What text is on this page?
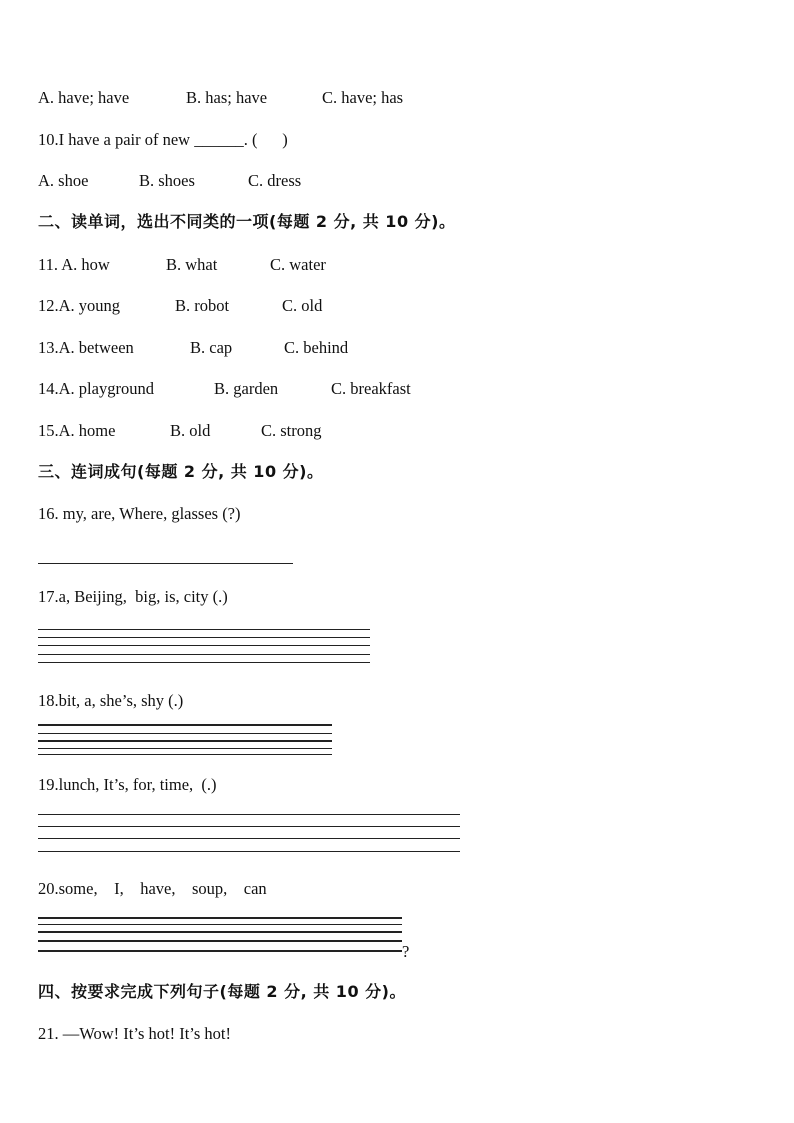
A. have; have	B. has; have	C. have; has
10.I have a pair of new ______. (      )
A. shoe	B. shoes	C. dress
二、读单词，选出不同类的一项(每题 2 分, 共 10 分)。
11. A. how	B. what	C. water
12.A. young	B. robot	C. old
13.A. between	B. cap	C. behind
14.A. playground	B. garden	C. breakfast
15.A. home	B. old	C. strong
三、连词成句(每题 2 分, 共 10 分)。
16. my, are, Where, glasses (?)
17.a, Beijing,  big, is, city (.)
18.bit, a, she’s, shy (.)
19.lunch, It’s, for, time,  (.)
20.some,    I,    have,    soup,    can
?
四、按要求完成下列句子(每题 2 分, 共 10 分)。
21. —Wow! It’s hot! It’s hot!
